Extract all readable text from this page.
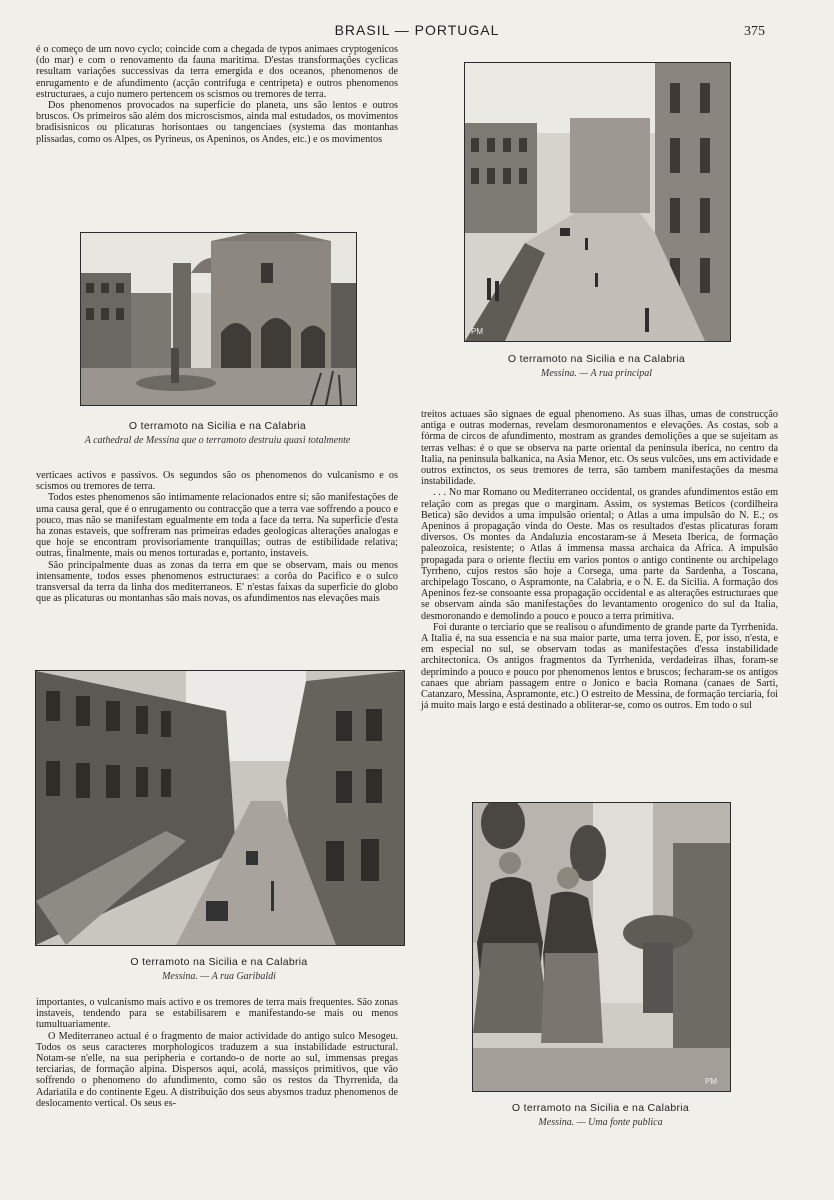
BRASIL — PORTUGAL	375

é o começo de um novo cyclo; coincide com a chegada de typos animaes cryptogenicos (do mar) e com o renovamento da fauna maritima. D'estas transformações cyclicas resultam variações successivas da terra emergida e dos oceanos, phenomenos de enrugamento e de afundimento (acção contrifuga e centripeta) e outros phenomenos estructuraes, a cujo numero pertencem os scismos ou tremores de terra.

Dos phenomenos provocados na superficie do planeta, uns são lentos e outros bruscos. Os primeiros são além dos microscismos, ainda mal estudados, os movimentos bradisisnicos ou plicaturas horisontaes ou tangenciaes (systema das montanhas plissadas, como os Alpes, os Pyrineus, os Apeninos, os Andes, etc.) e os movimentos

O terramoto na Sicilia e na Calabria
A cathedral de Messina que o terramoto destruiu quasi totalmente

verticaes activos e passivos. Os segundos são os phenomenos do vulcanismo e os scismos ou tremores de terra.

Todos estes phenomenos são intimamente relacionados entre si; são manifestações de uma causa geral, que é o enrugamento ou contracção que a terra vae soffrendo a pouco e pouco, mas não se manifestam egualmente em toda a face da terra. Na superficie d'esta ha zonas estaveis, que soffreram nas primeiras edades geologicas alterações analogas e que hoje se encontram provisoriamente tranquillas; outras de estibilidade relativa; outras, finalmente, mais ou menos torturadas e, portanto, instaveis.

São principalmente duas as zonas da terra em que se observam, mais ou menos intensamente, todos esses phenomenos estructuraes: a corôa do Pacifico e o sulco transversal da terra da linha dos mediterraneos. E' n'estas faixas da superficie do globo que as plicaturas ou montanhas são mais novas, os afundimentos nas elevações mais

O terramoto na Sicilia e na Calabria
Messina. — A rua Garibaldi

importantes, o vulcanismo mais activo e os tremores de terra mais frequentes. São zonas instaveis, tendendo para se estabilisarem e manifestando-se mais ou menos tumultuariamente.

O Mediterraneo actual é o fragmento de maior actividade do antigo sulco Mesogeu. Todos os seus caracteres morphologicos traduzem a sua instabilidade estructural. Notam-se n'elle, na sua peripheria e cortando-o de norte ao sul, immensas pregas terciarias, de formação alpina. Dispersos aqui, acolá, massiços primitivos, que vão soffrendo o phenomeno do afundimento, como são os restos da Thyrrenida, da Adariatila e do continente Egeu. A distribuição dos seus abysmos traduz phenomenos de deslocamento vertical. Os seus es-

PM
O terramoto na Sicilia e na Calabria
Messina. — A rua principal

treitos actuaes são signaes de egual phenomeno. As suas ilhas, umas de construcção antiga e outras modernas, revelam desmoronamentos e elevações. As costas, sob a fórma de circos de afundimento, mostram as grandes demolições a que se sujeitam as terras velhas: é o que se observa na parte oriental da peninsula iberica, no centro da Italia, na peninsula balkanica, na Asia Menor, etc. Os seus vulcões, uns em actividade e outros extinctos, os seus tremores de terra, são tambem manifestações da mesma instabilidade.

. . . No mar Romano ou Mediterraneo occidental, os grandes afundimentos estão em relação com as pregas que o marginam. Assim, os systemas Beticos (cordilheira Betica) são devidos a uma impulsão oriental; o Atlas a uma impulsão do N. E.; os Apeninos á propagação vinda do Oeste. Mas os resultados d'estas plicaturas foram diversos. Os montes da Andaluzia encostaram-se á Meseta Iberica, de formação paleozoica, resistente; o Atlas á immensa massa archaica da Africa. A impulsão propagada para o oriente flectiu em varios pontos o antigo continente ou archipelago Tyrrheno, cujos restos são hoje a Corsega, uma parte da Sardenha, a Toscana, archipelago Toscano, o Aspramonte, na Calabria, e o N. E. da Sicilia. A formação dos Apeninos fez-se consoante essa propagação occidental e as alterações estructuraes que se observam ainda são manifestações do levantamento orogenico do sul da Italia, desmoronando e demolindo a pouco e pouco a terra primitiva.

Foi durante o terciario que se realisou o afundimento de grande parte da Tyrrhenida. A Italia é, na sua essencia e na sua maior parte, uma terra joven. E, por isso, n'esta, e em especial no sul, se observam todas as manifestações d'essa instabilidade architectonica. Os antigos fragmentos da Tyrrhenida, verdadeiras ilhas, foram-se deprimindo a pouco e pouco por phenomenos lentos e bruscos; fecharam-se os antigos canaes que abriam passagem entre o Jonico e bacia Romana (canaes de Sarti, Catanzaro, Messina, Aspramonte, etc.) O estreito de Messina, de formação terciaria, foi já muito mais largo e está destinado a obliterar-se, como os outros. Em todo o sul

PM
O terramoto na Sicilia e na Calabria
Messina. — Uma fonte publica
